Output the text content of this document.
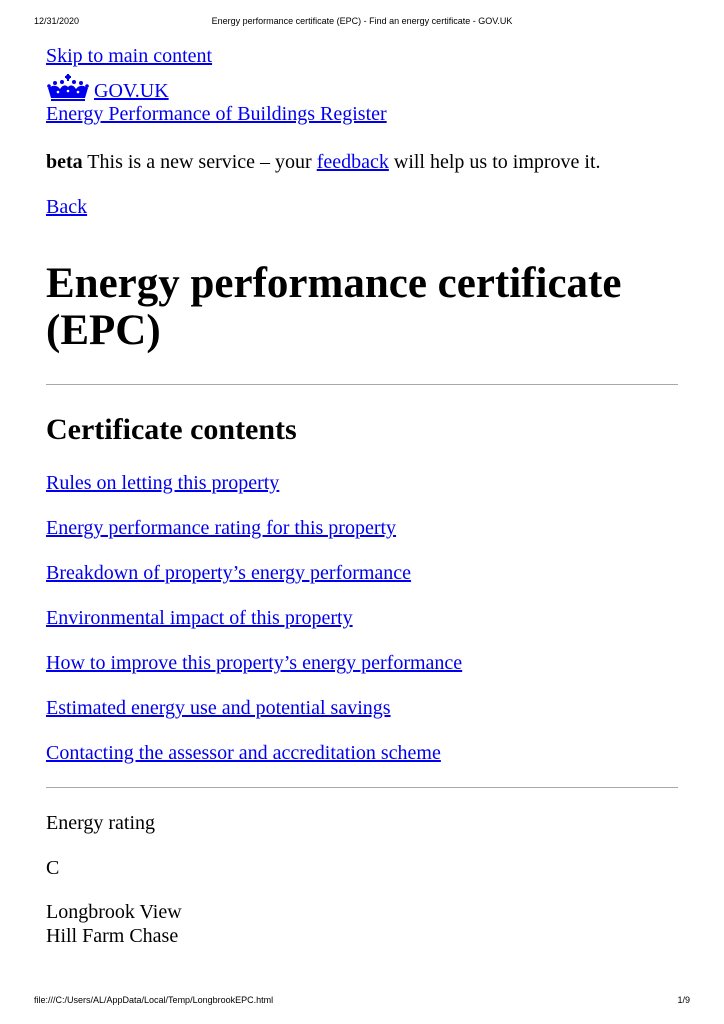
12/31/2020	Energy performance certificate (EPC) - Find an energy certificate - GOV.UK

Skip to main content

GOV.UK

Energy Performance of Buildings Register

beta This is a new service – your feedback will help us to improve it.

Back

Energy performance certificate (EPC)
Certificate contents
Rules on letting this property
Energy performance rating for this property
Breakdown of property’s energy performance
Environmental impact of this property
How to improve this property’s energy performance
Estimated energy use and potential savings
Contacting the assessor and accreditation scheme

Energy rating

C

Longbrook View
Hill Farm Chase

file:///C:/Users/AL/AppData/Local/Temp/LongbrookEPC.html	1/9
